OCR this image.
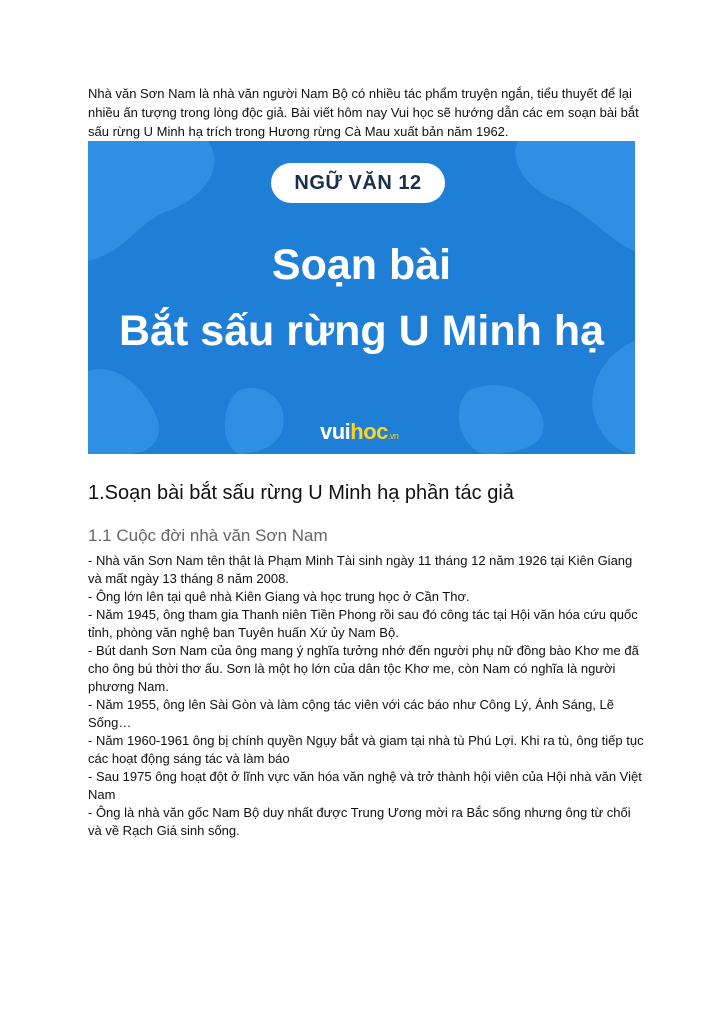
Nhà văn Sơn Nam là nhà văn người Nam Bộ có nhiều tác phẩm truyện ngắn, tiểu thuyết để lại nhiều ấn tượng trong lòng độc giả. Bài viết hôm nay Vui học sẽ hướng dẫn các em soạn bài bắt sấu rừng U Minh hạ trích trong Hương rừng Cà Mau xuất bản năm 1962.

NGỮ VĂN 12
Soạn bài
Bắt sấu rừng U Minh hạ
vuihoc.vn
1.Soạn bài bắt sấu rừng U Minh hạ phần tác giả
1.1 Cuộc đời nhà văn Sơn Nam

- Nhà văn Sơn Nam tên thật là Phạm Minh Tài sinh ngày 11 tháng 12 năm 1926 tại Kiên Giang và mất ngày 13 tháng 8 năm 2008.

- Ông lớn lên tại quê nhà Kiên Giang và học trung học ở Cần Thơ.

- Năm 1945, ông tham gia Thanh niên Tiền Phong rồi sau đó công tác tại Hội văn hóa cứu quốc tỉnh, phòng văn nghệ ban Tuyên huấn Xứ ủy Nam Bộ.

- Bút danh Sơn Nam của ông mang ý nghĩa tưởng nhớ đến người phụ nữ đồng bào Khơ me đã cho ông bú thời thơ ấu. Sơn là một họ lớn của dân tộc Khơ me, còn Nam có nghĩa là người phương Nam.

- Năm 1955, ông lên Sài Gòn và làm cộng tác viên với các báo như Công Lý, Ánh Sáng, Lẽ Sống…

- Năm 1960-1961 ông bị chính quyền Ngụy bắt và giam tại nhà tù Phú Lợi. Khi ra tù, ông tiếp tục các hoạt động sáng tác và làm báo

- Sau 1975 ông hoạt đột ở lĩnh vực văn hóa văn nghệ và trở thành hội viên của Hội nhà văn Việt Nam

- Ông là nhà văn gốc Nam Bộ duy nhất được Trung Ương mời ra Bắc sống nhưng ông từ chối và về Rạch Giá sinh sống.
